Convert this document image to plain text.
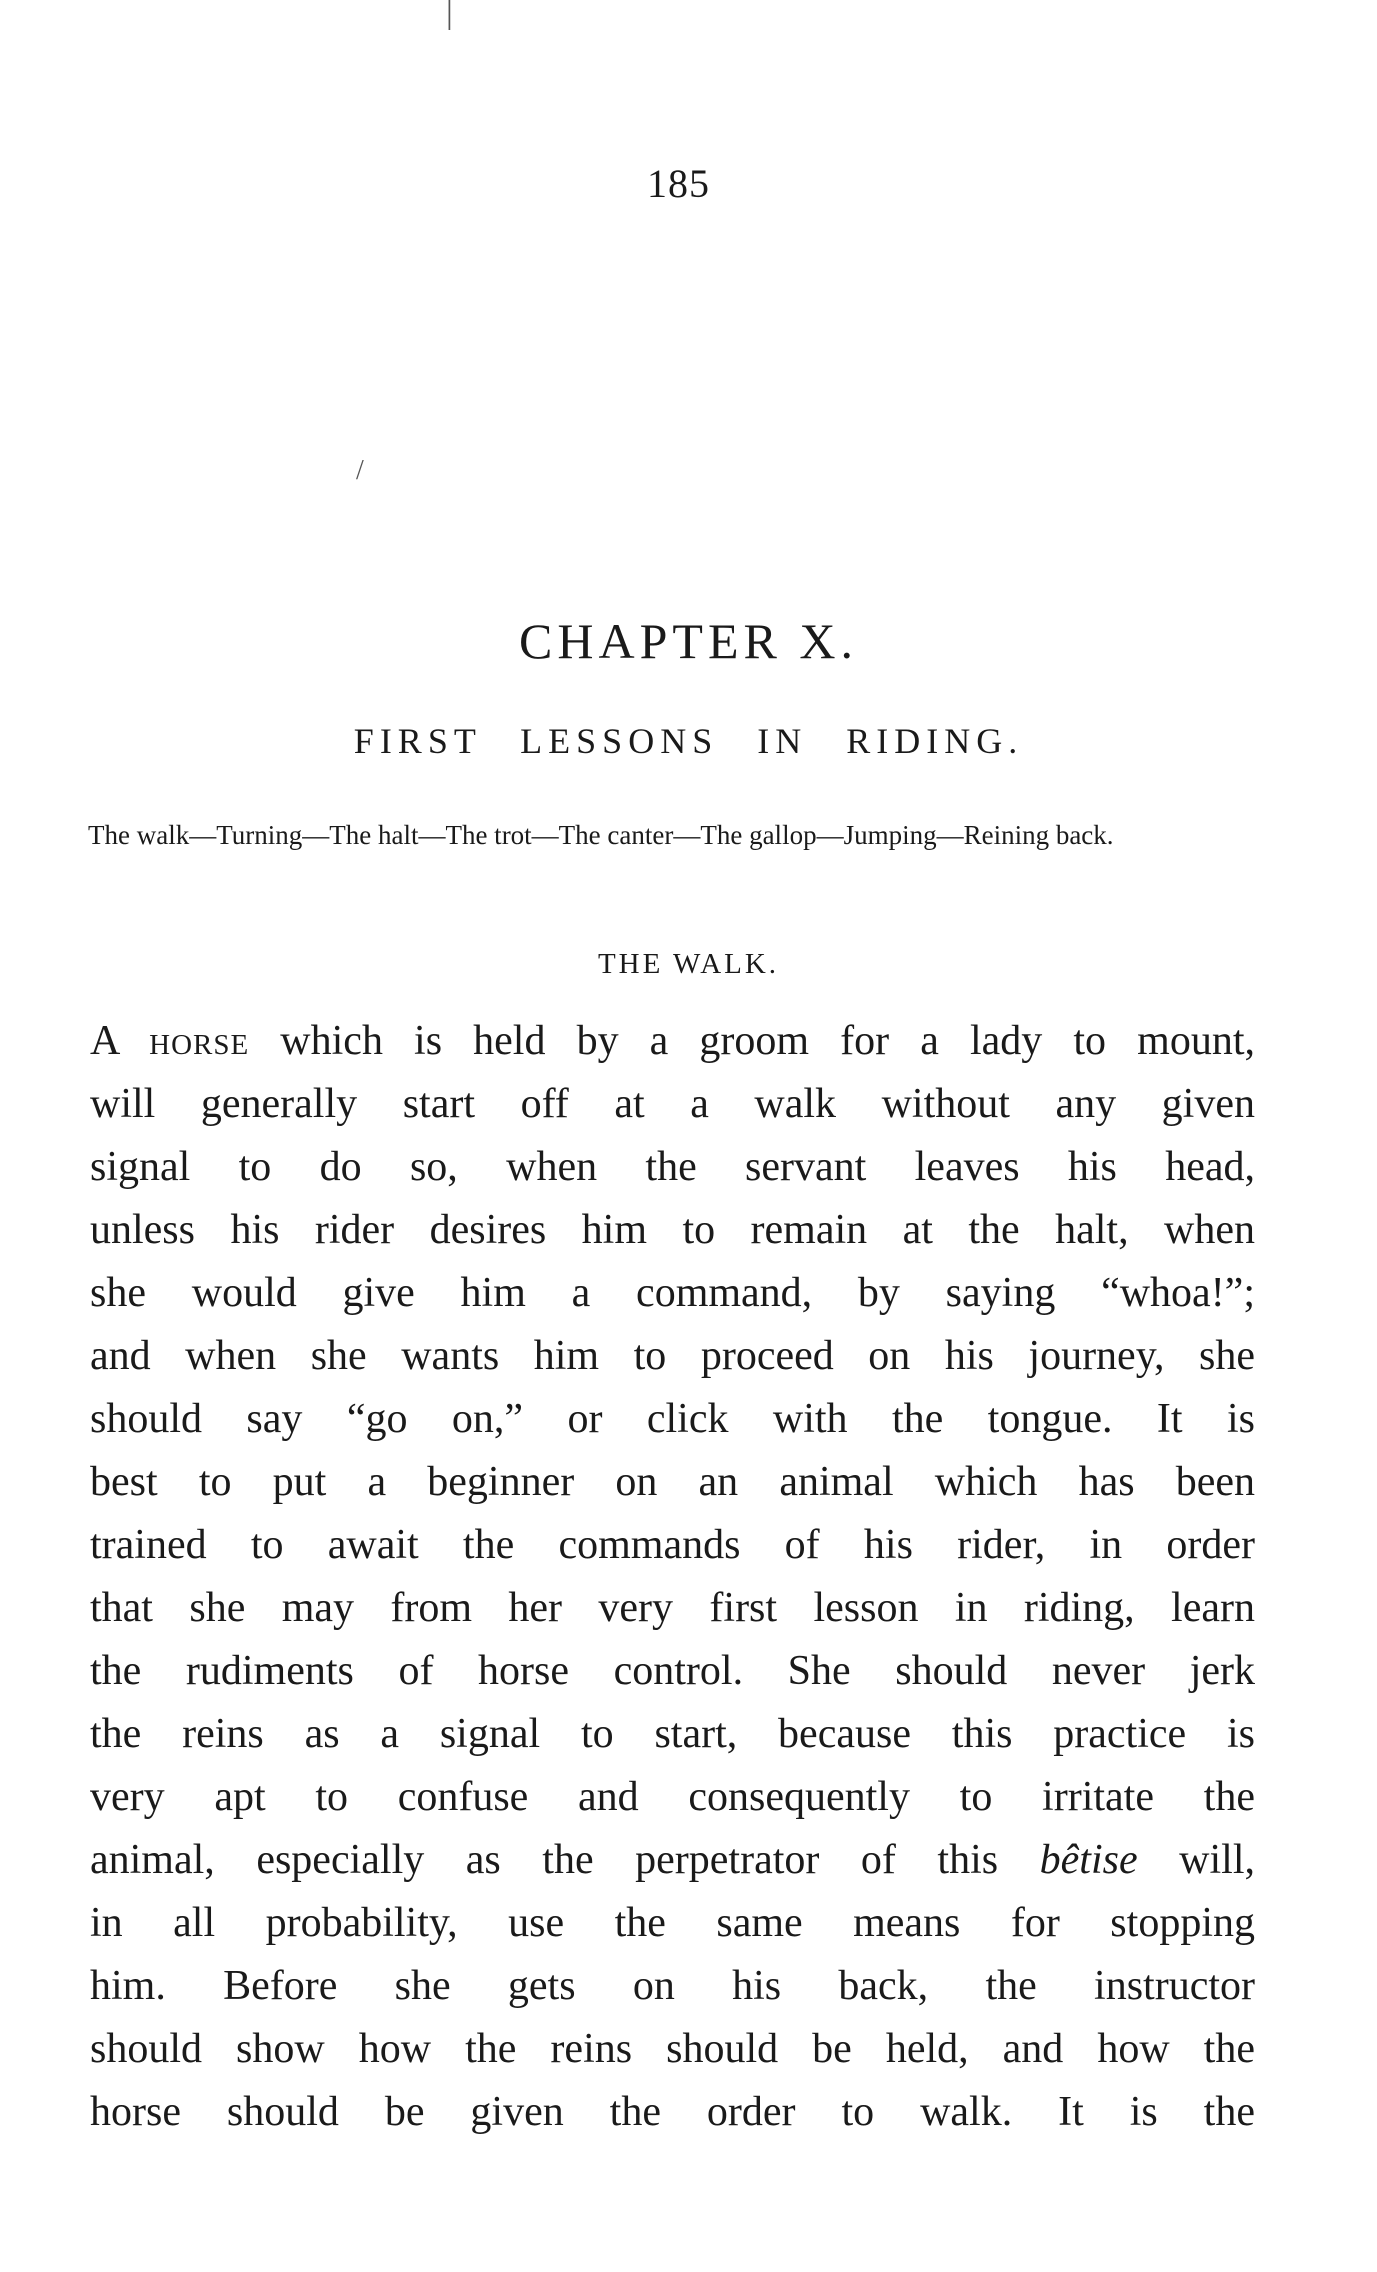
|
/
185
CHAPTER X.
FIRST LESSONS IN RIDING.
The walk—Turning—The halt—The trot—The canter—The gallop—Jumping—Reining back.
THE WALK.
A horse which is held by a groom for a lady to mount,
will generally start off at a walk without any given
signal to do so, when the servant leaves his head,
unless his rider desires him to remain at the halt, when
she would give him a command, by saying “whoa!”;
and when she wants him to proceed on his journey, she
should say “go on,” or click with the tongue. It is
best to put a beginner on an animal which has been
trained to await the commands of his rider, in order
that she may from her very first lesson in riding, learn
the rudiments of horse control. She should never jerk
the reins as a signal to start, because this practice is
very apt to confuse and consequently to irritate the
animal, especially as the perpetrator of this bêtise will,
in all probability, use the same means for stopping
him. Before she gets on his back, the instructor
should show how the reins should be held, and how the
horse should be given the order to walk. It is the
